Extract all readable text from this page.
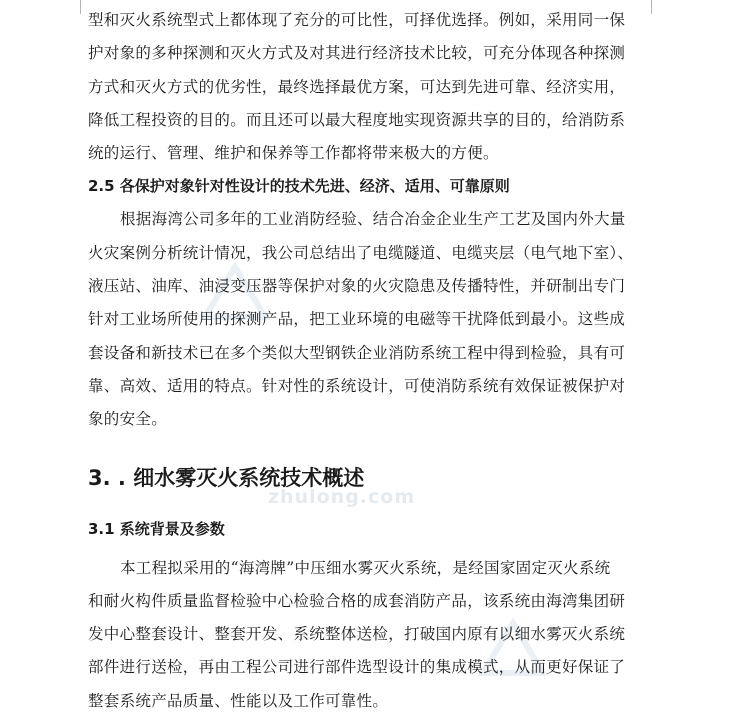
zhulong.com

型和灭火系统型式上都体现了充分的可比性，可择优选择。例如，采用同一保
护对象的多种探测和灭火方式及对其进行经济技术比较，可充分体现各种探测
方式和灭火方式的优劣性，最终选择最优方案，可达到先进可靠、经济实用，
降低工程投资的目的。而且还可以最大程度地实现资源共享的目的，给消防系
统的运行、管理、维护和保养等工作都将带来极大的方便。

2.5 各保护对象针对性设计的技术先进、经济、适用、可靠原则

根据海湾公司多年的工业消防经验、结合冶金企业生产工艺及国内外大量
火灾案例分析统计情况，我公司总结出了电缆隧道、电缆夹层（电气地下室）、
液压站、油库、油浸变压器等保护对象的火灾隐患及传播特性，并研制出专门
针对工业场所使用的探测产品，把工业环境的电磁等干扰降低到最小。这些成
套设备和新技术已在多个类似大型钢铁企业消防系统工程中得到检验，具有可
靠、高效、适用的特点。针对性的系统设计，可使消防系统有效保证被保护对
象的安全。

3. . 细水雾灭火系统技术概述
3.1 系统背景及参数

本工程拟采用的“海湾牌”中压细水雾灭火系统，是经国家固定灭火系统
和耐火构件质量监督检验中心检验合格的成套消防产品，该系统由海湾集团研
发中心整套设计、整套开发、系统整体送检，打破国内原有以细水雾灭火系统
部件进行送检，再由工程公司进行部件选型设计的集成模式，从而更好保证了
整套系统产品质量、性能以及工作可靠性。
